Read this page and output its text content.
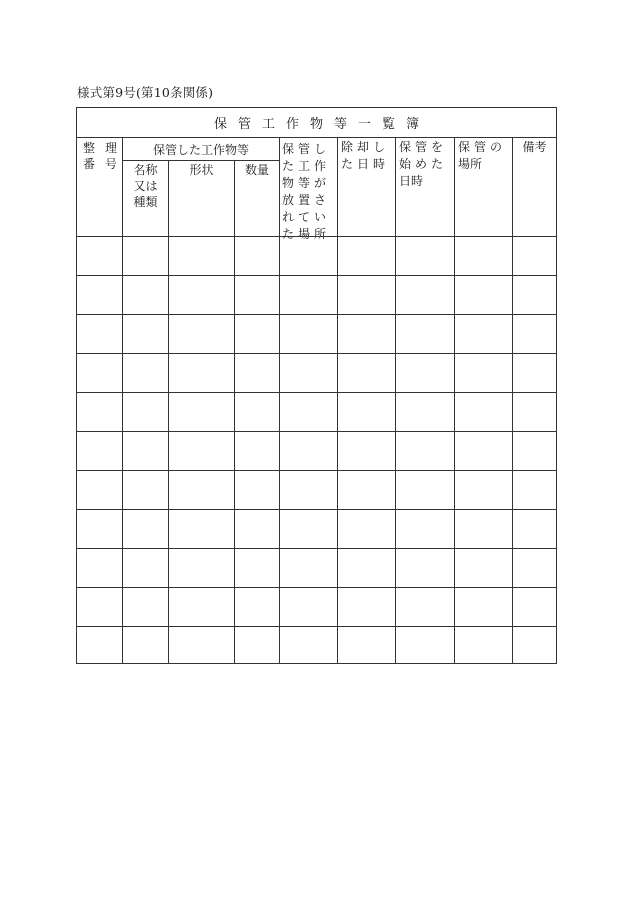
様式第9号(第10条関係)
保管工作物等一覧簿
整 理
番 号
保管した工作物等
名称
又は
種類
形状	数量
保管し
た工作
物等が
放置さ
れてい
た場所
除却し
た日時
保管を
始めた
日時
保管の
場所
備考
